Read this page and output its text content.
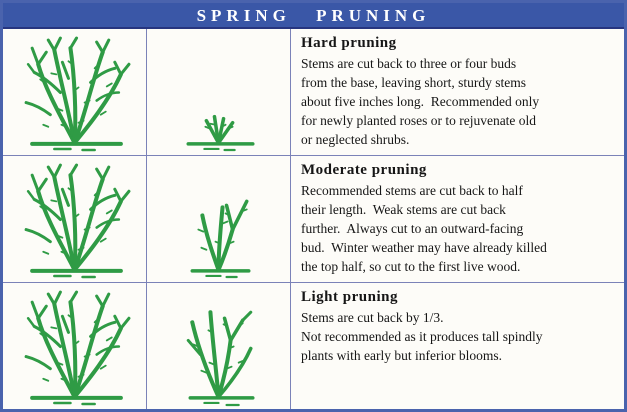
SPRING PRUNING
Hard pruning
Stems are cut back to three or four buds
from the base, leaving short, sturdy stems
about five inches long.  Recommended only
for newly planted roses or to rejuvenate old
or neglected shrubs.
Moderate pruning
Recommended stems are cut back to half
their length.  Weak stems are cut back
further.  Always cut to an outward-facing
bud.  Winter weather may have already killed
the top half, so cut to the first live wood.
Light pruning
Stems are cut back by 1/3.
Not recommended as it produces tall spindly
plants with early but inferior blooms.
